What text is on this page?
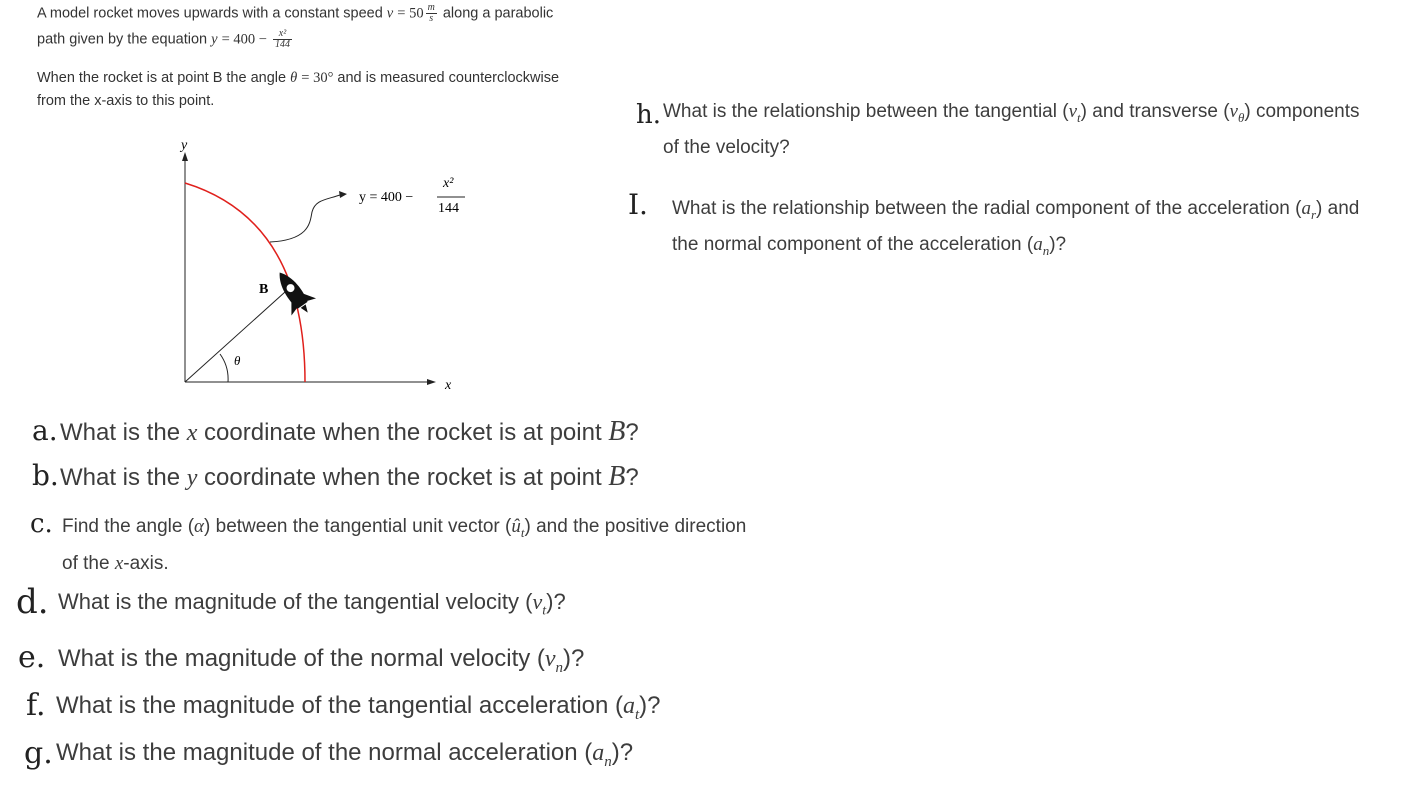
A model rocket moves upwards with a constant speed $v = 50 \frac{m}{s}$ along a parabolic
path given by the equation $y = 400 - \frac{\text{x²}}{144}$
When the rocket is at point B the angle θ = 30° and is measured counterclockwise
from the x-axis to this point.
y
x
θ
B
y = 400 −
x²
144
h. What is the relationship between the tangential $(v_t)$ and transverse $(v_\theta)$ components
of the velocity?
I. What is the relationship between the radial component of the acceleration $(a_r)$ and
the normal component of the acceleration $(a_n)$?
a. What is the x coordinate when the rocket is at point B?
b. What is the y coordinate when the rocket is at point B?
c. Find the angle (α) between the tangential unit vector $(û_t)$ and the positive direction
of the x-axis.
d. What is the magnitude of the tangential velocity $(v_t)$?
e. What is the magnitude of the normal velocity $(v_n)$?
f. What is the magnitude of the tangential acceleration $(a_t)$?
g. What is the magnitude of the normal acceleration $(a_n)$?
